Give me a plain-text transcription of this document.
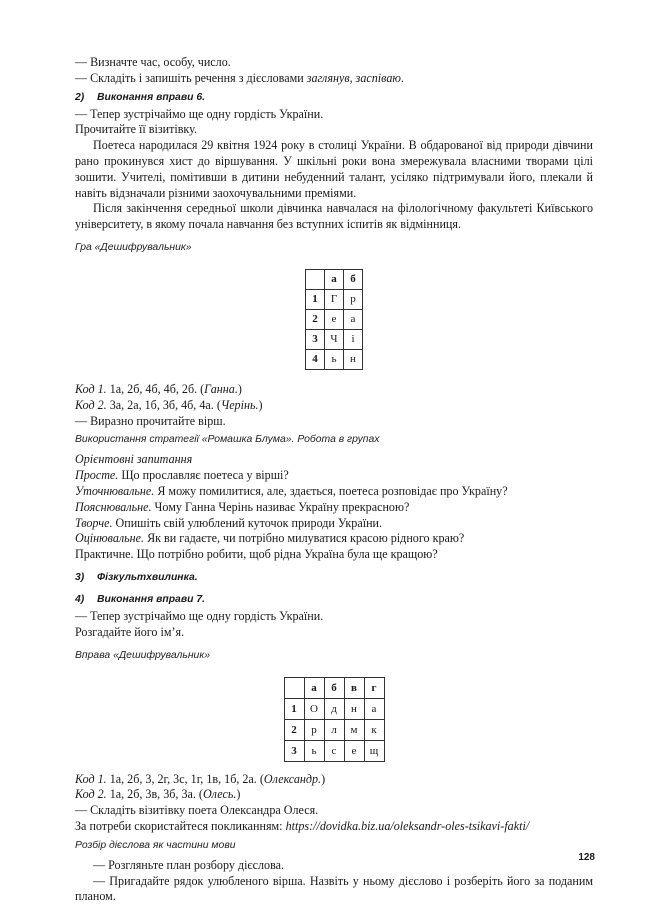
— Визначте час, особу, число.

— Складіть і запишіть речення з дієсловами заглянув, заспіваю.

2) Виконання вправи 6.

— Тепер зустрічаймо ще одну гордість України.

Прочитайте її візитівку.

Поетеса народилася 29 квітня 1924 року в столиці України. В обдарованої від природи дівчини рано прокинувся хист до віршування. У шкільні роки вона змережувала власними творами цілі зошити. Учителі, помітивши в дитини небуденний талант, усіляко підтримували його, плекали й навіть відзначали різними заохочувальними преміями.

Після закінчення середньої школи дівчинка навчалася на філологічному факультеті Київського університету, в якому почала навчання без вступних іспитів як відмінниця.

Гра «Дешифрувальник»
	а	б
1	Г	р
2	е	а
3	Ч	і
4	ь	н

Код 1. 1а, 2б, 4б, 4б, 2б. (Ганна.)

Код 2. 3а, 2а, 1б, 3б, 4б, 4а. (Черінь.)

— Виразно прочитайте вірш.

Використання стратегії «Ромашка Блума». Робота в групах

Орієнтовні запитання

Просте. Що прославляє поетеса у вірші?

Уточнювальне. Я можу помилитися, але, здається, поетеса розповідає про Україну?

Пояснювальне. Чому Ганна Черінь називає Україну прекрасною?

Творче. Опишіть свій улюблений куточок природи України.

Оцінювальне. Як ви гадаєте, чи потрібно милуватися красою рідного краю?

Практичне. Що потрібно робити, щоб рідна Україна була ще кращою?

3) Фізкультхвилинка.
4) Виконання вправи 7.

— Тепер зустрічаймо ще одну гордість України.

Розгадайте його ім’я.

Вправа «Дешифрувальник»
	а	б	в	г
1	О	д	н	а
2	р	л	м	к
3	ь	с	е	щ

Код 1. 1а, 2б, 3, 2г, 3с, 1г, 1в, 1б, 2а. (Олександр.)

Код 2. 1а, 2б, 3в, 3б, 3а. (Олесь.)

— Складіть візитівку поета Олександра Олеся.

За потреби скористайтеся покликанням: https://dovidka.biz.ua/oleksandr-oles-tsikavi-fakti/

Розбір дієслова як частини мови

— Розгляньте план розбору дієслова.

— Пригадайте рядок улюбленого вірша. Назвіть у ньому дієслово і розберіть його за поданим планом.

128
